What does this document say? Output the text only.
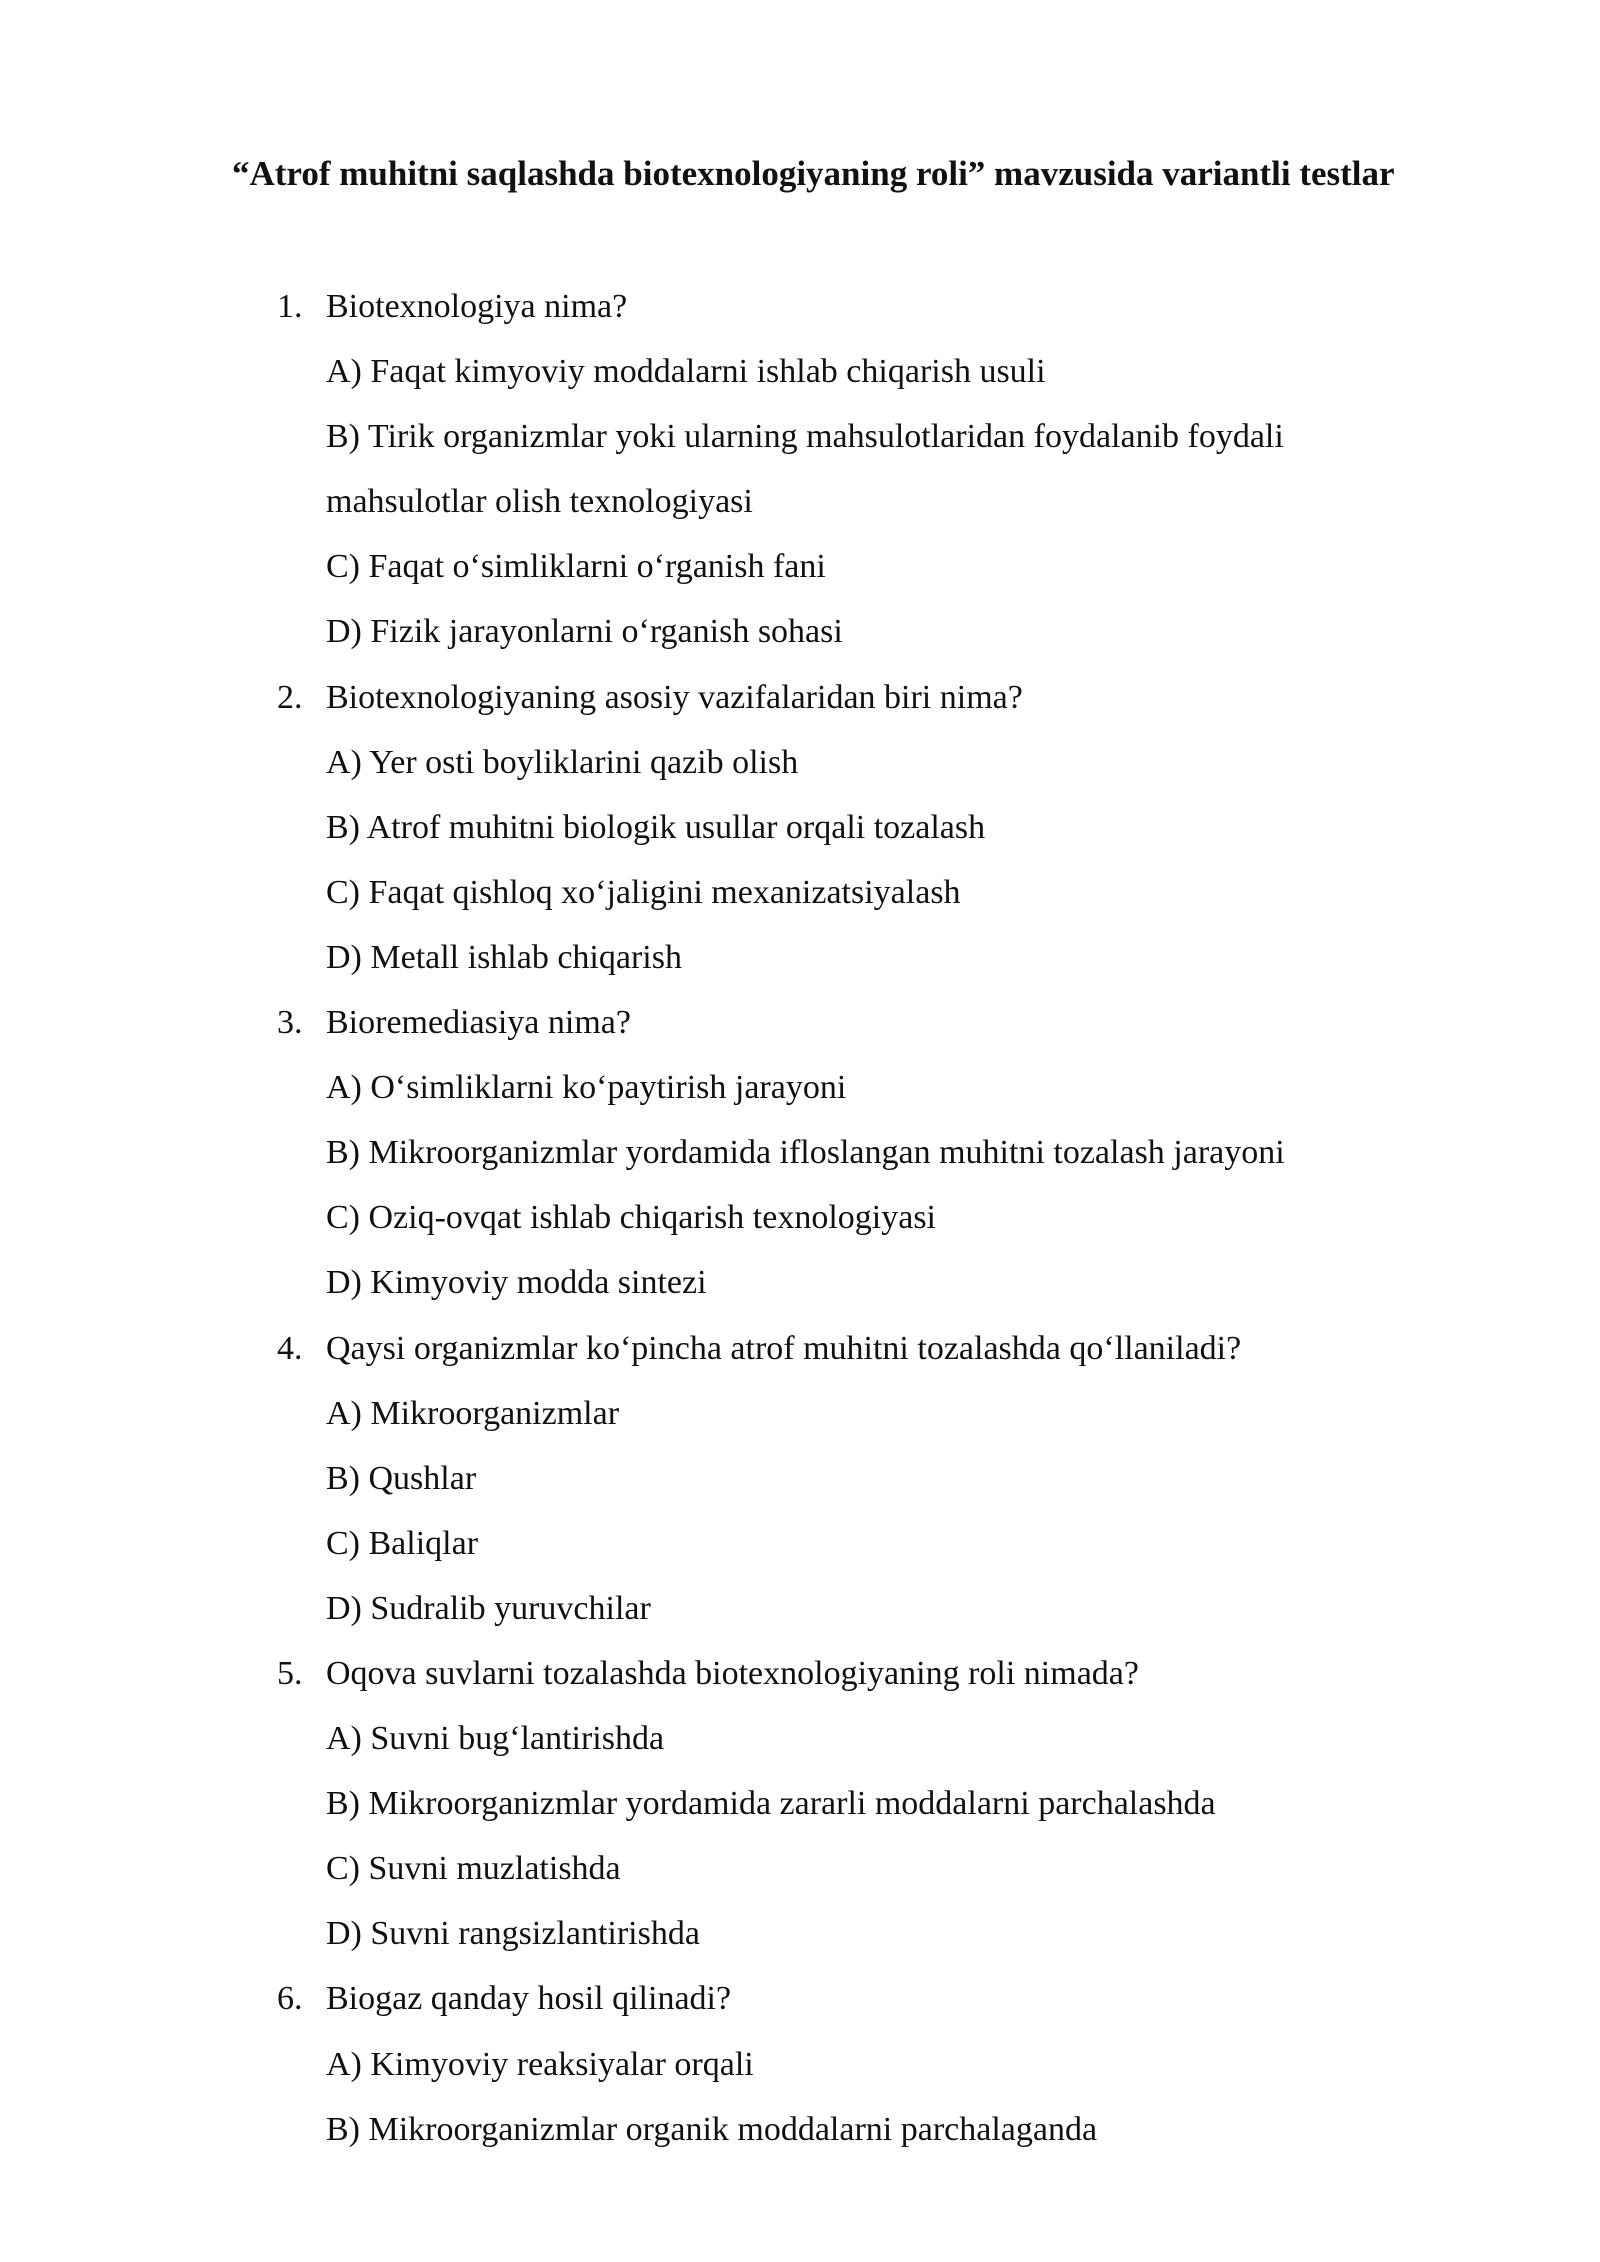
“Atrof muhitni saqlashda biotexnologiyaning roli” mavzusida variantli testlar
1. Biotexnologiya nima?
A) Faqat kimyoviy moddalarni ishlab chiqarish usuli
B) Tirik organizmlar yoki ularning mahsulotlaridan foydalanib foydali
mahsulotlar olish texnologiyasi
C) Faqat o‘simliklarni o‘rganish fani
D) Fizik jarayonlarni o‘rganish sohasi
2. Biotexnologiyaning asosiy vazifalaridan biri nima?
A) Yer osti boyliklarini qazib olish
B) Atrof muhitni biologik usullar orqali tozalash
C) Faqat qishloq xo‘jaligini mexanizatsiyalash
D) Metall ishlab chiqarish
3. Bioremediasiya nima?
A) O‘simliklarni ko‘paytirish jarayoni
B) Mikroorganizmlar yordamida ifloslangan muhitni tozalash jarayoni
C) Oziq-ovqat ishlab chiqarish texnologiyasi
D) Kimyoviy modda sintezi
4. Qaysi organizmlar ko‘pincha atrof muhitni tozalashda qo‘llaniladi?
A) Mikroorganizmlar
B) Qushlar
C) Baliqlar
D) Sudralib yuruvchilar
5. Oqova suvlarni tozalashda biotexnologiyaning roli nimada?
A) Suvni bug‘lantirishda
B) Mikroorganizmlar yordamida zararli moddalarni parchalashda
C) Suvni muzlatishda
D) Suvni rangsizlantirishda
6. Biogaz qanday hosil qilinadi?
A) Kimyoviy reaksiyalar orqali
B) Mikroorganizmlar organik moddalarni parchalaganda
